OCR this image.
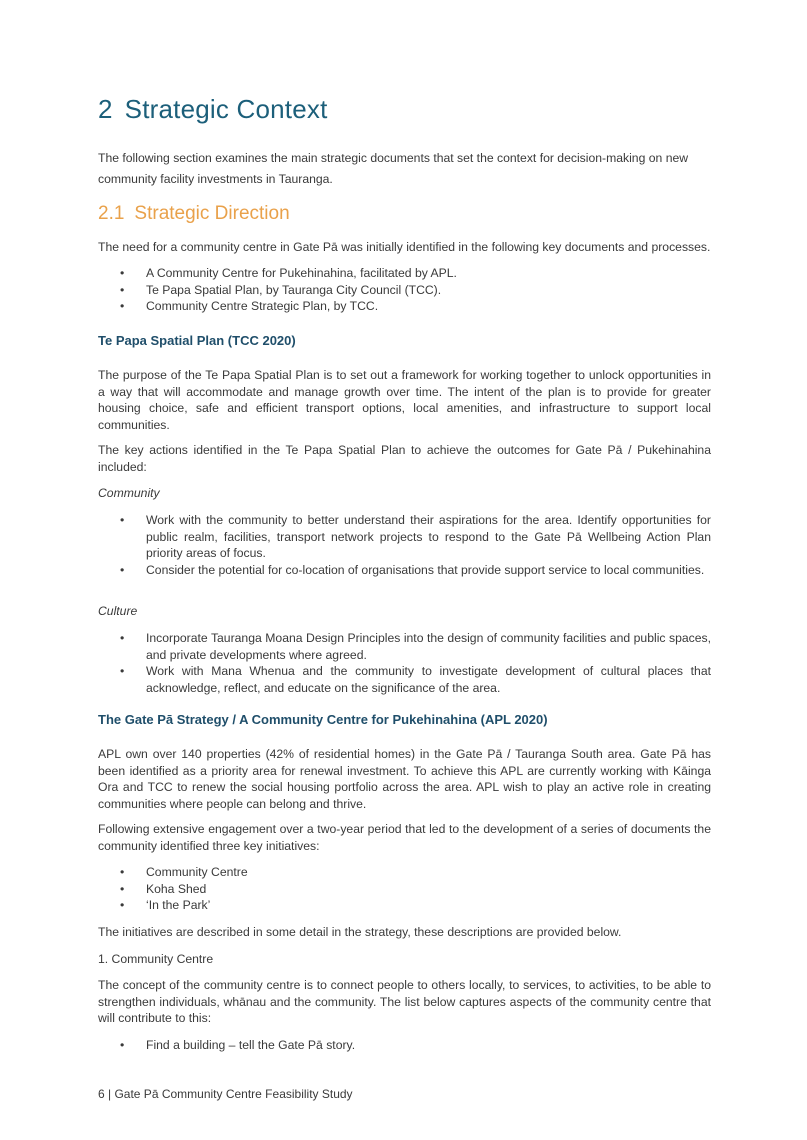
2 Strategic Context

The following section examines the main strategic documents that set the context for decision-making on new community facility investments in Tauranga.

2.1 Strategic Direction

The need for a community centre in Gate Pā was initially identified in the following key documents and processes.

• A Community Centre for Pukehinahina, facilitated by APL.
• Te Papa Spatial Plan, by Tauranga City Council (TCC).
• Community Centre Strategic Plan, by TCC.

Te Papa Spatial Plan (TCC 2020)

The purpose of the Te Papa Spatial Plan is to set out a framework for working together to unlock opportunities in a way that will accommodate and manage growth over time. The intent of the plan is to provide for greater housing choice, safe and efficient transport options, local amenities, and infrastructure to support local communities.

The key actions identified in the Te Papa Spatial Plan to achieve the outcomes for Gate Pā / Pukehinahina included:

Community

• Work with the community to better understand their aspirations for the area. Identify opportunities for public realm, facilities, transport network projects to respond to the Gate Pā Wellbeing Action Plan priority areas of focus.
• Consider the potential for co-location of organisations that provide support service to local communities.

Culture

• Incorporate Tauranga Moana Design Principles into the design of community facilities and public spaces, and private developments where agreed.
• Work with Mana Whenua and the community to investigate development of cultural places that acknowledge, reflect, and educate on the significance of the area.

The Gate Pā Strategy / A Community Centre for Pukehinahina (APL 2020)

APL own over 140 properties (42% of residential homes) in the Gate Pā / Tauranga South area. Gate Pā has been identified as a priority area for renewal investment. To achieve this APL are currently working with Kāinga Ora and TCC to renew the social housing portfolio across the area. APL wish to play an active role in creating communities where people can belong and thrive.

Following extensive engagement over a two-year period that led to the development of a series of documents the community identified three key initiatives:

• Community Centre
• Koha Shed
• ‘In the Park’

The initiatives are described in some detail in the strategy, these descriptions are provided below.

1. Community Centre

The concept of the community centre is to connect people to others locally, to services, to activities, to be able to strengthen individuals, whānau and the community. The list below captures aspects of the community centre that will contribute to this:

• Find a building – tell the Gate Pā story.
6 | Gate Pā Community Centre Feasibility Study
